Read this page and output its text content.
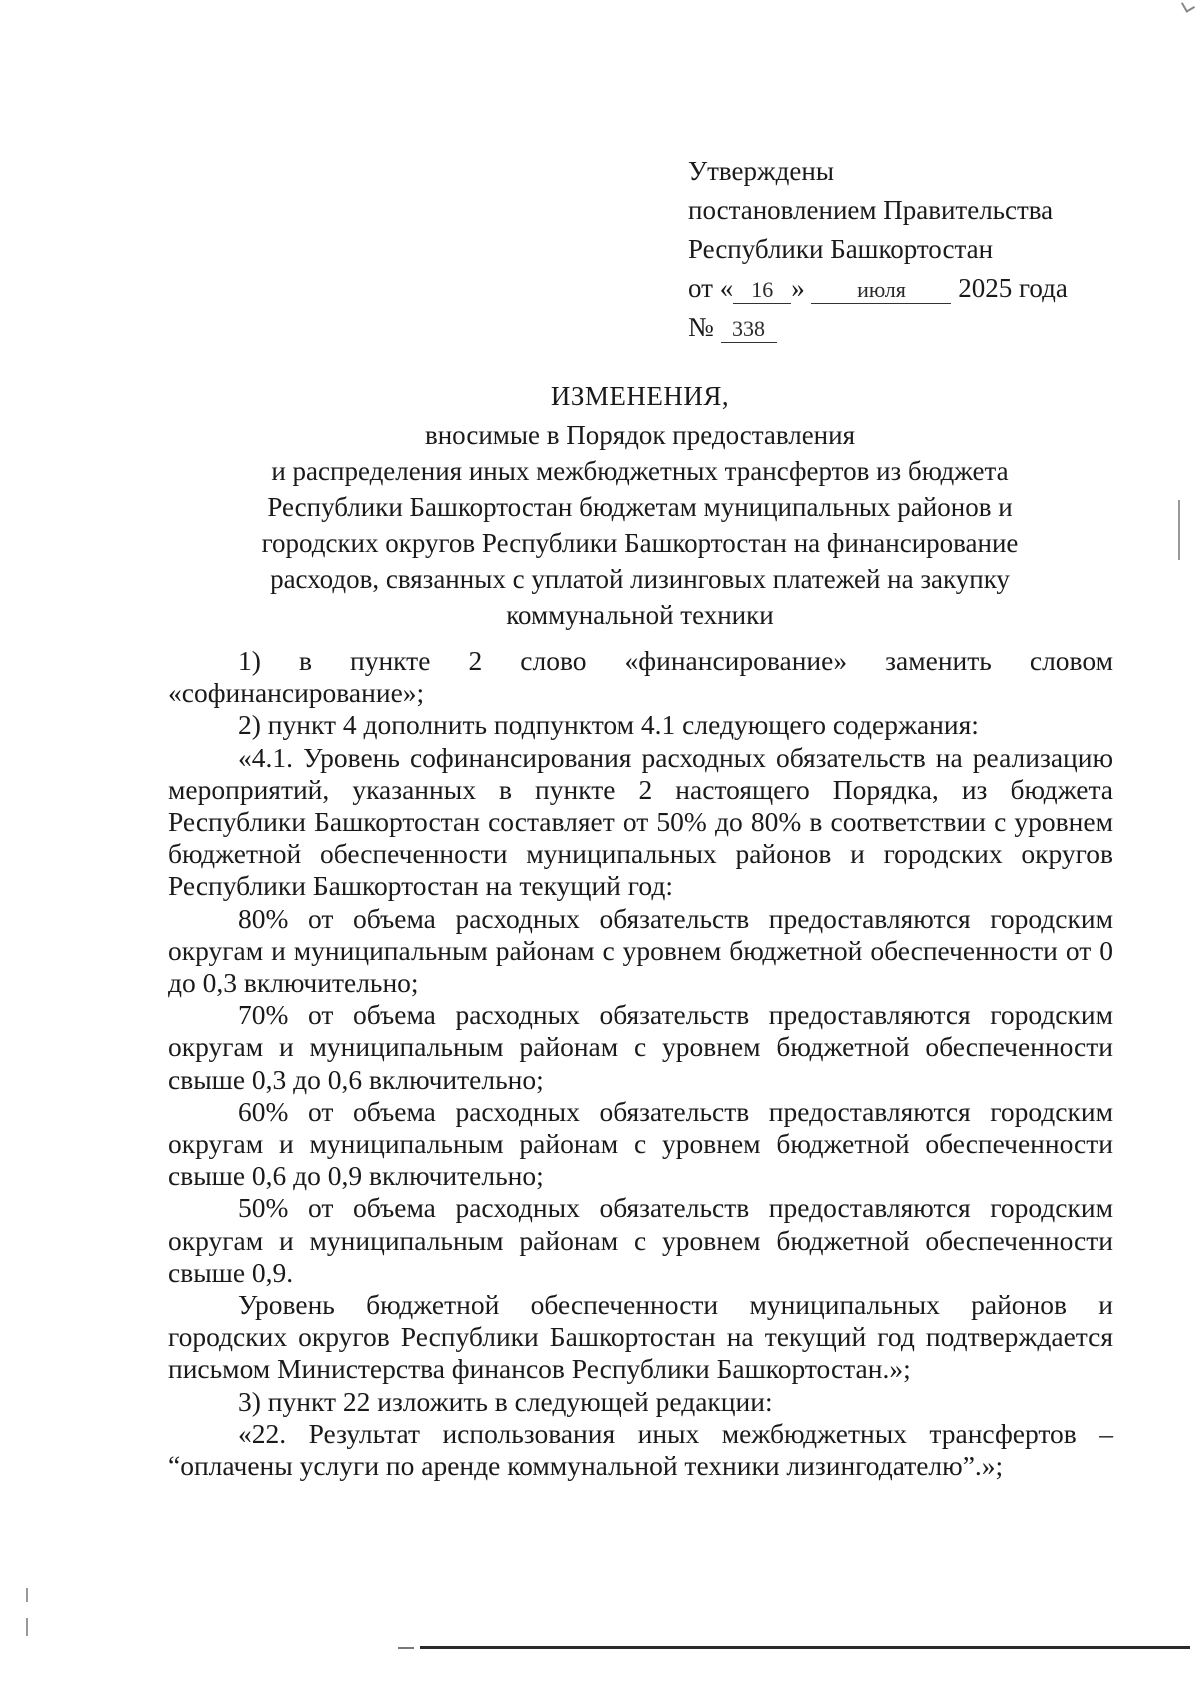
Утверждены
постановлением Правительства
Республики Башкортостан
от « 16 » июля 2025 года
№ 338
ИЗМЕНЕНИЯ,
вносимые в Порядок предоставления
и распределения иных межбюджетных трансфертов из бюджета
Республики Башкортостан бюджетам муниципальных районов и
городских округов Республики Башкортостан на финансирование
расходов, связанных с уплатой лизинговых платежей на закупку
коммунальной техники

1) в пункте 2 слово «финансирование» заменить словом «софинансирование»;

2) пункт 4 дополнить подпунктом 4.1 следующего содержания:

«4.1. Уровень софинансирования расходных обязательств на реализацию мероприятий, указанных в пункте 2 настоящего Порядка, из бюджета Республики Башкортостан составляет от 50% до 80% в соответствии с уровнем бюджетной обеспеченности муниципальных районов и городских округов Республики Башкортостан на текущий год:

80% от объема расходных обязательств предоставляются городским округам и муниципальным районам с уровнем бюджетной обеспеченности от 0 до 0,3 включительно;

70% от объема расходных обязательств предоставляются городским округам и муниципальным районам с уровнем бюджетной обеспеченности свыше 0,3 до 0,6 включительно;

60% от объема расходных обязательств предоставляются городским округам и муниципальным районам с уровнем бюджетной обеспеченности свыше 0,6 до 0,9 включительно;

50% от объема расходных обязательств предоставляются городским округам и муниципальным районам с уровнем бюджетной обеспеченности свыше 0,9.

Уровень бюджетной обеспеченности муниципальных районов и городских округов Республики Башкортостан на текущий год подтверждается письмом Министерства финансов Республики Башкортостан.»;

3) пункт 22 изложить в следующей редакции:

«22. Результат использования иных межбюджетных трансфертов – “оплачены услуги по аренде коммунальной техники лизингодателю”.»;
